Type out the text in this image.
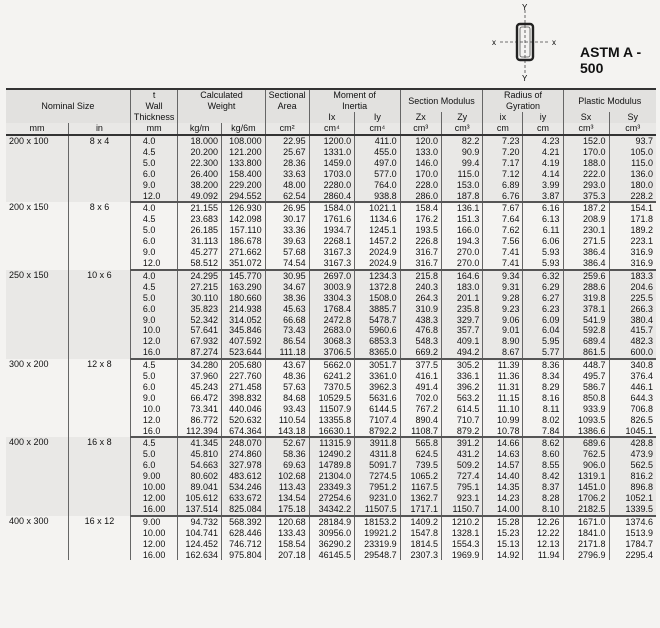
Y
Y
x	x
ASTM A - 500
Nominal Size		t	Calculated
Weight		Sectional
Area	Moment of		Section Modulus		Radius of		Plastic Modulus	
		Wall				Inertia				Gyration			
		Thickness				Ix	Iy	Zx	Zy	ix	iy	Sx	Sy
mm	in	mm	kg/m	kg/6m	cm²	cm⁴	cm⁴	cm³	cm³	cm	cm	cm³	cm³
200 x 100	8 x 4	4.0	18.000	108.000	22.95	1200.0	411.0	120.0	82.2	7.23	4.23	152.0	93.7
		4.5	20.200	121.200	25.67	1331.0	455.0	133.0	90.9	7.20	4.21	170.0	105.0
		5.0	22.300	133.800	28.36	1459.0	497.0	146.0	99.4	7.17	4.19	188.0	115.0
		6.0	26.400	158.400	33.63	1703.0	577.0	170.0	115.0	7.12	4.14	222.0	136.0
		9.0	38.200	229.200	48.00	2280.0	764.0	228.0	153.0	6.89	3.99	293.0	180.0
		12.0	49.092	294.552	62.54	2860.4	938.8	286.0	187.8	6.76	3.87	375.3	228.2
200 x 150	8 x 6	4.0	21.155	126.930	26.95	1584.0	1021.1	158.4	136.1	7.67	6.16	187.2	154.1
		4.5	23.683	142.098	30.17	1761.6	1134.6	176.2	151.3	7.64	6.13	208.9	171.8
		5.0	26.185	157.110	33.36	1934.7	1245.1	193.5	166.0	7.62	6.11	230.1	189.2
		6.0	31.113	186.678	39.63	2268.1	1457.2	226.8	194.3	7.56	6.06	271.5	223.1
		9.0	45.277	271.662	57.68	3167.3	2024.9	316.7	270.0	7.41	5.93	386.4	316.9
		12.0	58.512	351.072	74.54	3167.3	2024.9	316.7	270.0	7.41	5.93	386.4	316.9
250 x 150	10 x 6	4.0	24.295	145.770	30.95	2697.0	1234.3	215.8	164.6	9.34	6.32	259.6	183.3
		4.5	27.215	163.290	34.67	3003.9	1372.8	240.3	183.0	9.31	6.29	288.6	204.6
		5.0	30.110	180.660	38.36	3304.3	1508.0	264.3	201.1	9.28	6.27	319.8	225.5
		6.0	35.823	214.938	45.63	1768.4	3885.7	310.9	235.8	9.23	6.23	378.1	266.3
		9.0	52.342	314.052	66.68	2472.8	5478.7	438.3	329.7	9.06	6.09	541.9	380.4
		10.0	57.641	345.846	73.43	2683.0	5960.6	476.8	357.7	9.01	6.04	592.8	415.7
		12.0	67.932	407.592	86.54	3068.3	6853.3	548.3	409.1	8.90	5.95	689.4	482.3
		16.0	87.274	523.644	111.18	3706.5	8365.0	669.2	494.2	8.67	5.77	861.5	600.0
300 x 200	12 x 8	4.5	34.280	205.680	43.67	5662.0	3051.7	377.5	305.2	11.39	8.36	448.7	340.8
		5.0	37.960	227.760	48.36	6241.2	3361.0	416.1	336.1	11.36	8.34	495.7	376.4
		6.0	45.243	271.458	57.63	7370.5	3962.3	491.4	396.2	11.31	8.29	586.7	446.1
		9.0	66.472	398.832	84.68	10529.5	5631.6	702.0	563.2	11.15	8.16	850.8	644.3
		10.0	73.341	440.046	93.43	11507.9	6144.5	767.2	614.5	11.10	8.11	933.9	706.8
		12.0	86.772	520.632	110.54	13355.8	7107.4	890.4	710.7	10.99	8.02	1093.5	826.5
		16.0	112.394	674.364	143.18	16630.1	8792.2	1108.7	879.2	10.78	7.84	1386.6	1045.1
400 x 200	16 x 8	4.5	41.345	248.070	52.67	11315.9	3911.8	565.8	391.2	14.66	8.62	689.6	428.8
		5.0	45.810	274.860	58.36	12490.2	4311.8	624.5	431.2	14.63	8.60	762.5	473.9
		6.0	54.663	327.978	69.63	14789.8	5091.7	739.5	509.2	14.57	8.55	906.0	562.5
		9.00	80.602	483.612	102.68	21304.0	7274.5	1065.2	727.4	14.40	8.42	1319.1	816.2
		10.00	89.041	534.246	113.43	23349.3	7951.2	1167.5	795.1	14.35	8.37	1451.0	896.8
		12.00	105.612	633.672	134.54	27254.6	9231.0	1362.7	923.1	14.23	8.28	1706.2	1052.1
		16.00	137.514	825.084	175.18	34342.2	11507.5	1717.1	1150.7	14.00	8.10	2182.5	1339.5
400 x 300	16 x 12	9.00	94.732	568.392	120.68	28184.9	18153.2	1409.2	1210.2	15.28	12.26	1671.0	1374.6
		10.00	104.741	628.446	133.43	30956.0	19921.2	1547.8	1328.1	15.23	12.22	1841.0	1513.9
		12.00	124.452	746.712	158.54	36290.2	23319.9	1814.5	1554.3	15.13	12.13	2171.8	1784.7
		16.00	162.634	975.804	207.18	46145.5	29548.7	2307.3	1969.9	14.92	11.94	2796.9	2295.4
